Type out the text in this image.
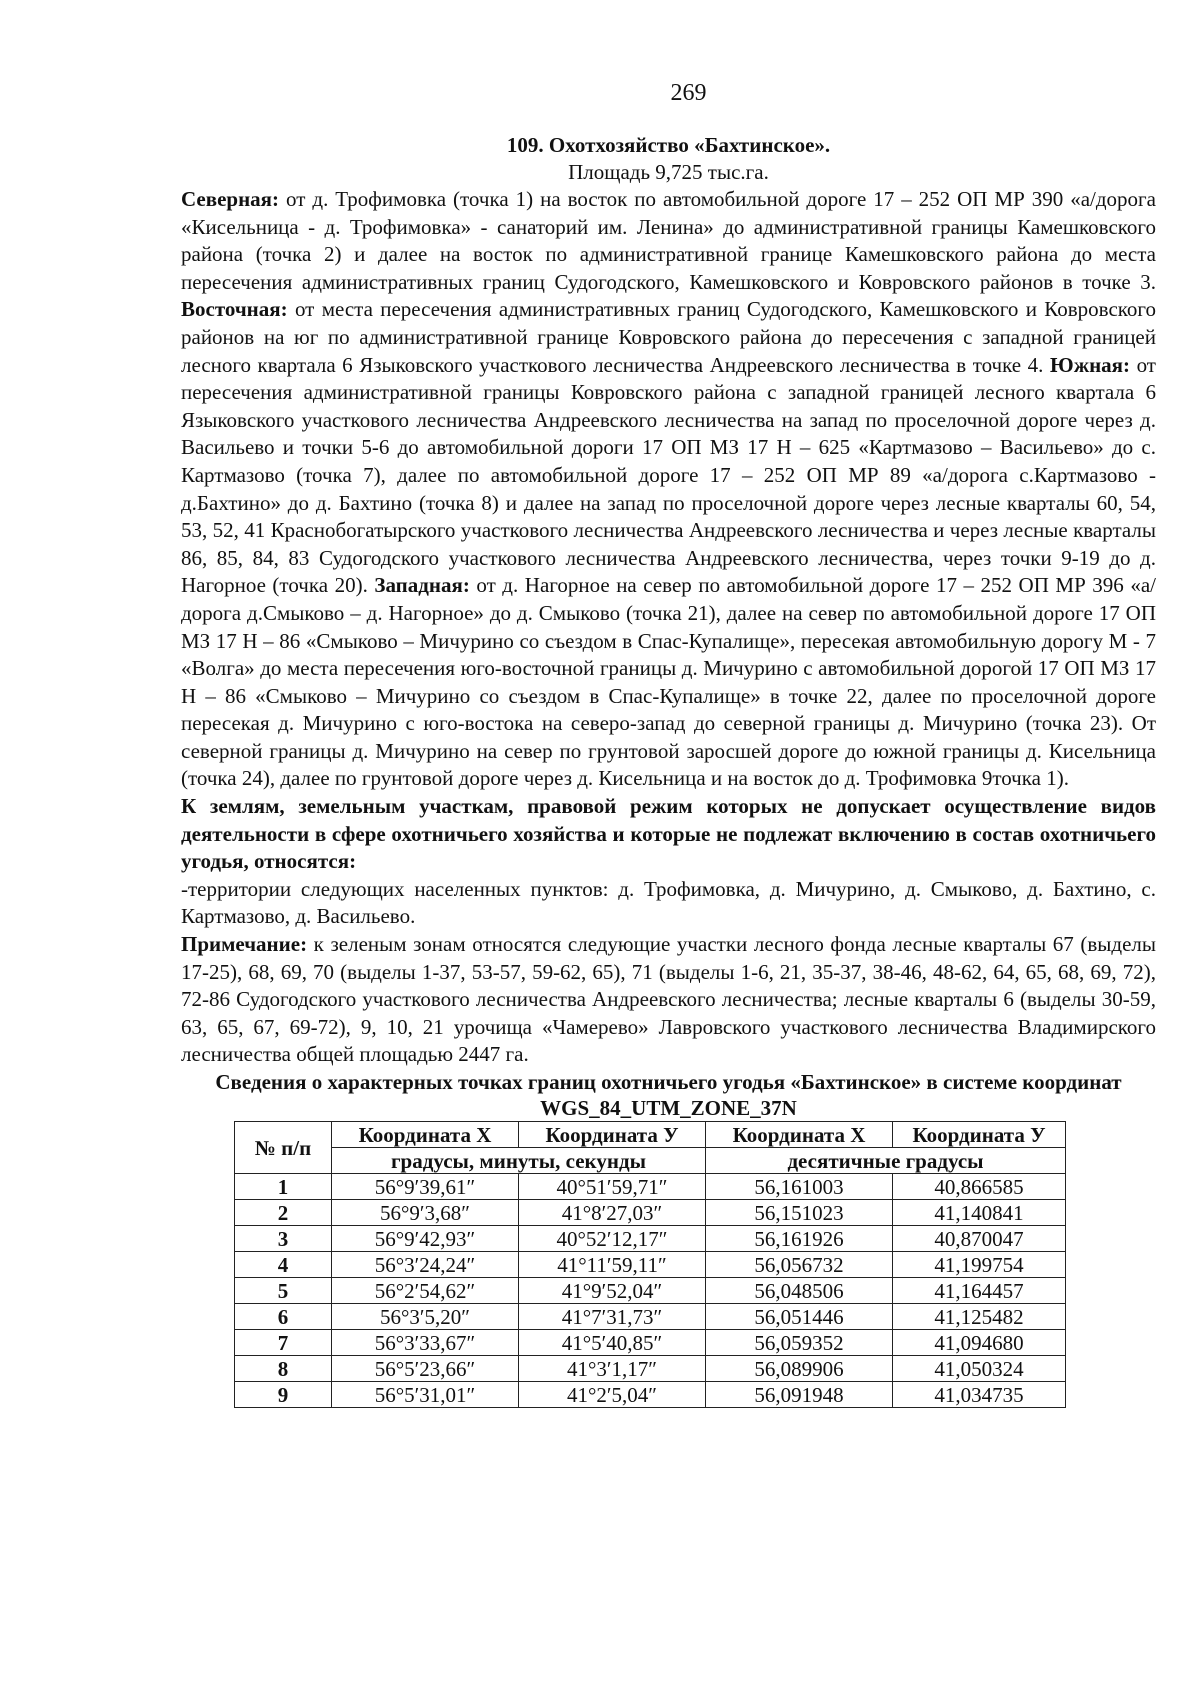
269
109. Охотхозяйство «Бахтинское».
Площадь 9,725 тыс.га.

Северная: от д. Трофимовка (точка 1) на восток по автомобильной дороге 17 – 252 ОП МР 390 «а/дорога «Кисельница - д. Трофимовка» - санаторий им. Ленина» до административной границы Камешковского района (точка 2) и далее на восток по административной границе Камешковского района до места пересечения административных границ Судогодского, Камешковского и Ковровского районов в точке 3. Восточная: от места пересечения административных границ Судогодского, Камешковского и Ковровского районов на юг по административной границе Ковровского района до пересечения с западной границей лесного квартала 6 Языковского участкового лесничества Андреевского лесничества в точке 4. Южная: от пересечения административной границы Ковровского района с западной границей лесного квартала 6 Языковского участкового лесничества Андреевского лесничества на запад по проселочной дороге через д. Васильево и точки 5-6 до автомобильной дороги 17 ОП МЗ 17 Н – 625 «Картмазово – Васильево» до с. Картмазово (точка 7), далее по автомобильной дороге 17 – 252 ОП МР 89 «а/дорога с.Картмазово - д.Бахтино» до д. Бахтино (точка 8) и далее на запад по проселочной дороге через лесные кварталы 60, 54, 53, 52, 41 Краснобогатырского участкового лесничества Андреевского лесничества и через лесные кварталы 86, 85, 84, 83 Судогодского участкового лесничества Андреевского лесничества, через точки 9-19 до д. Нагорное (точка 20). Западная: от д. Нагорное на север по автомобильной дороге 17 – 252 ОП МР 396 «а/дорога д.Смыково – д. Нагорное» до д. Смыково (точка 21), далее на север по автомобильной дороге 17 ОП МЗ 17 Н – 86 «Смыково – Мичурино со съездом в Спас-Купалище», пересекая автомобильную дорогу М - 7 «Волга» до места пересечения юго-восточной границы д. Мичурино с автомобильной дорогой 17 ОП МЗ 17 Н – 86 «Смыково – Мичурино со съездом в Спас-Купалище» в точке 22, далее по проселочной дороге пересекая д. Мичурино с юго-востока на северо-запад до северной границы д. Мичурино (точка 23). От северной границы д. Мичурино на север по грунтовой заросшей дороге до южной границы д. Кисельница (точка 24), далее по грунтовой дороге через д. Кисельница и на восток до д. Трофимовка 9точка 1).

К землям, земельным участкам, правовой режим которых не допускает осуществление видов деятельности в сфере охотничьего хозяйства и которые не подлежат включению в состав охотничьего угодья, относятся:

-территории следующих населенных пунктов: д. Трофимовка, д. Мичурино, д. Смыково, д. Бахтино, с. Картмазово, д. Васильево.

Примечание: к зеленым зонам относятся следующие участки лесного фонда лесные кварталы 67 (выделы 17-25), 68, 69, 70 (выделы 1-37, 53-57, 59-62, 65), 71 (выделы 1-6, 21, 35-37, 38-46, 48-62, 64, 65, 68, 69, 72), 72-86 Судогодского участкового лесничества Андреевского лесничества; лесные кварталы 6 (выделы 30-59, 63, 65, 67, 69-72), 9, 10, 21 урочища «Чамерево» Лавровского участкового лесничества Владимирского лесничества общей площадью 2447 га.

Сведения о характерных точках границ охотничьего угодья «Бахтинское» в системе координат WGS_84_UTM_ZONE_37N
№ п/п	Координата X	Координата У	Координата X	Координата У
	градусы, минуты, секунды		десятичные градусы	
1	56°9′39,61″	40°51′59,71″	56,161003	40,866585
2	56°9′3,68″	41°8′27,03″	56,151023	41,140841
3	56°9′42,93″	40°52′12,17″	56,161926	40,870047
4	56°3′24,24″	41°11′59,11″	56,056732	41,199754
5	56°2′54,62″	41°9′52,04″	56,048506	41,164457
6	56°3′5,20″	41°7′31,73″	56,051446	41,125482
7	56°3′33,67″	41°5′40,85″	56,059352	41,094680
8	56°5′23,66″	41°3′1,17″	56,089906	41,050324
9	56°5′31,01″	41°2′5,04″	56,091948	41,034735
